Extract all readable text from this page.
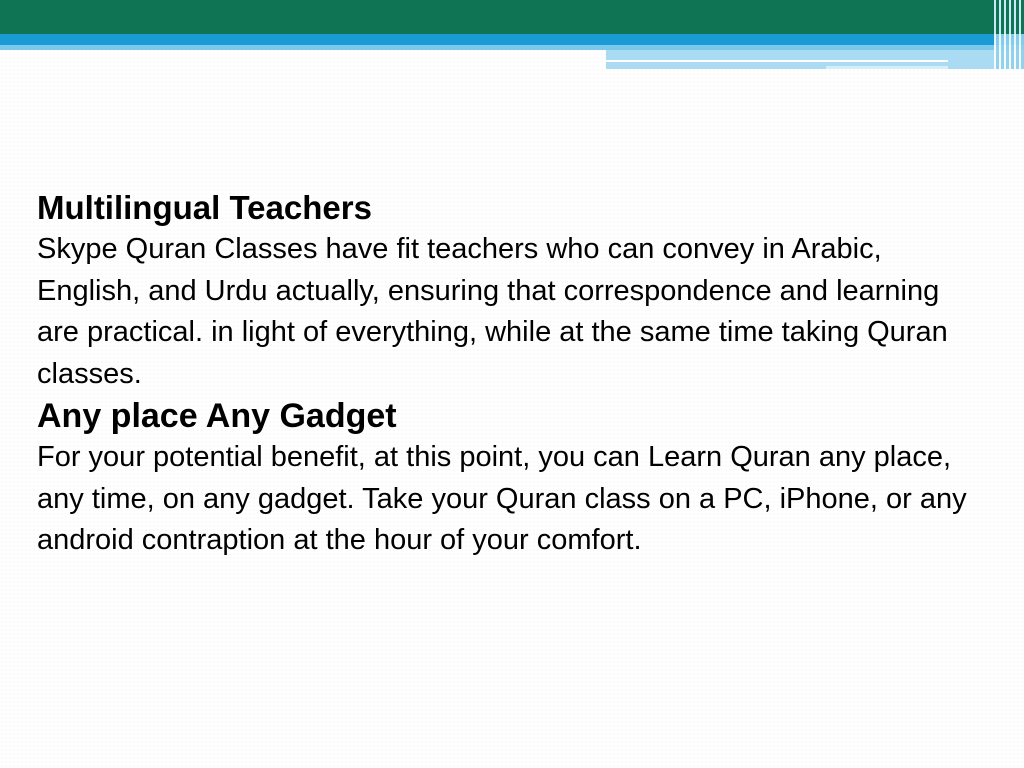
Multilingual Teachers

Skype Quran Classes have fit teachers who can convey in Arabic, English, and Urdu actually, ensuring that correspondence and learning are practical. in light of everything, while at the same time taking Quran classes.

Any place Any Gadget

For your potential benefit, at this point, you can Learn Quran any place, any time, on any gadget. Take your Quran class on a PC, iPhone, or any android contraption at the hour of your comfort.
